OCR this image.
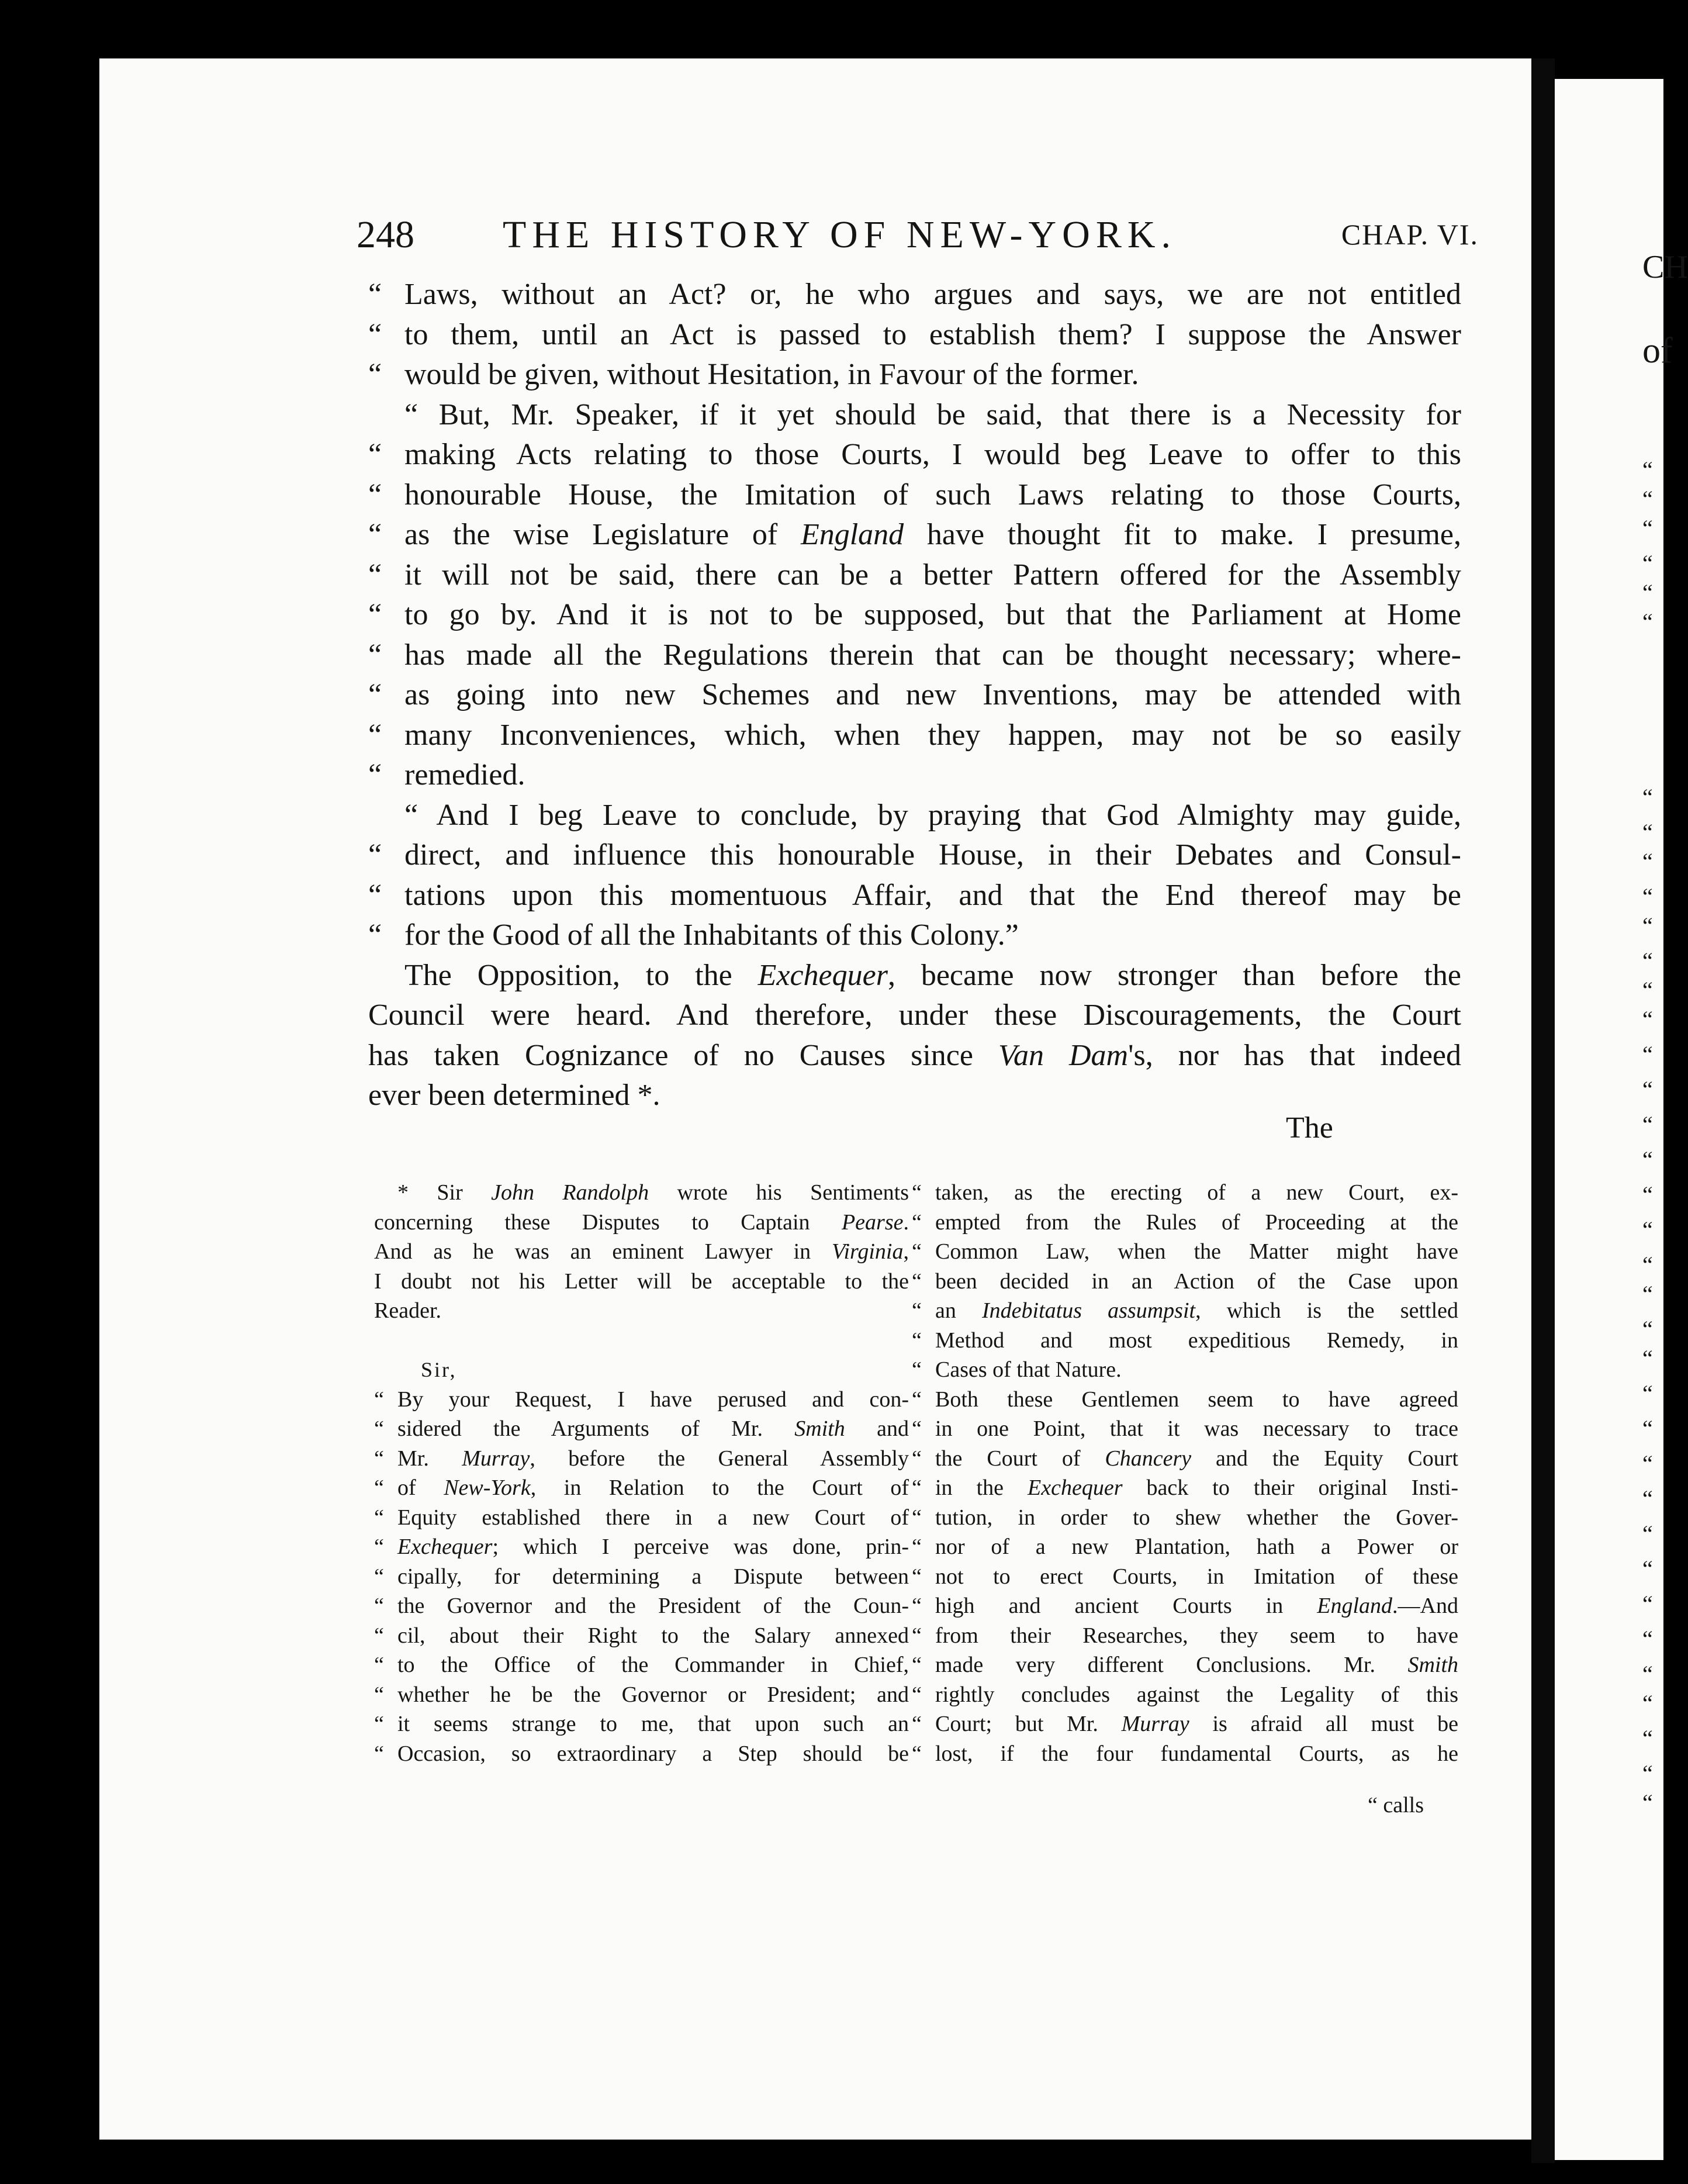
CH
of
“
“
“
“
“
“
“
“
“
“
“
“
“
“
“
“
“
“
“
“
“
“
“
“
“
“
“
“
“
“
“
“
“
“
“
“
“
248 THE HISTORY OF NEW-YORK.	CHAP. VI.
“ Laws, without an Act? or, he who argues and says, we are not entitled
“ to them, until an Act is passed to establish them? I suppose the Answer
“ would be given, without Hesitation, in Favour of the former.
“ But, Mr. Speaker, if it yet should be said, that there is a Necessity for
“ making Acts relating to those Courts, I would beg Leave to offer to this
“ honourable House, the Imitation of such Laws relating to those Courts,
“ as the wise Legislature of England have thought fit to make. I presume,
“ it will not be said, there can be a better Pattern offered for the Assembly
“ to go by. And it is not to be supposed, but that the Parliament at Home
“ has made all the Regulations therein that can be thought necessary; where-
“ as going into new Schemes and new Inventions, may be attended with
“ many Inconveniences, which, when they happen, may not be so easily
“ remedied.
“ And I beg Leave to conclude, by praying that God Almighty may guide,
“ direct, and influence this honourable House, in their Debates and Consul-
“ tations upon this momentuous Affair, and that the End thereof may be
“ for the Good of all the Inhabitants of this Colony.”
The Opposition, to the Exchequer, became now stronger than before the
Council were heard. And therefore, under these Discouragements, the Court
has taken Cognizance of no Causes since Van Dam's, nor has that indeed
ever been determined *.
The
* Sir John Randolph wrote his Sentiments
concerning these Disputes to Captain Pearse.
And as he was an eminent Lawyer in Virginia,
I doubt not his Letter will be acceptable to the
Reader.
Sir,
“ By your Request, I have perused and con-
“ sidered the Arguments of Mr. Smith and
“ Mr. Murray, before the General Assembly
“ of New-York, in Relation to the Court of
“ Equity established there in a new Court of
“ Exchequer; which I perceive was done, prin-
“ cipally, for determining a Dispute between
“ the Governor and the President of the Coun-
“ cil, about their Right to the Salary annexed
“ to the Office of the Commander in Chief,
“ whether he be the Governor or President; and
“ it seems strange to me, that upon such an
“ Occasion, so extraordinary a Step should be
“ taken, as the erecting of a new Court, ex-
“ empted from the Rules of Proceeding at the
“ Common Law, when the Matter might have
“ been decided in an Action of the Case upon
“ an Indebitatus assumpsit, which is the settled
“ Method and most expeditious Remedy, in
“ Cases of that Nature.
“ Both these Gentlemen seem to have agreed
“ in one Point, that it was necessary to trace
“ the Court of Chancery and the Equity Court
“ in the Exchequer back to their original Insti-
“ tution, in order to shew whether the Gover-
“ nor of a new Plantation, hath a Power or
“ not to erect Courts, in Imitation of these
“ high and ancient Courts in England.—And
“ from their Researches, they seem to have
“ made very different Conclusions. Mr. Smith
“ rightly concludes against the Legality of this
“ Court; but Mr. Murray is afraid all must be
“ lost, if the four fundamental Courts, as he
“ calls
